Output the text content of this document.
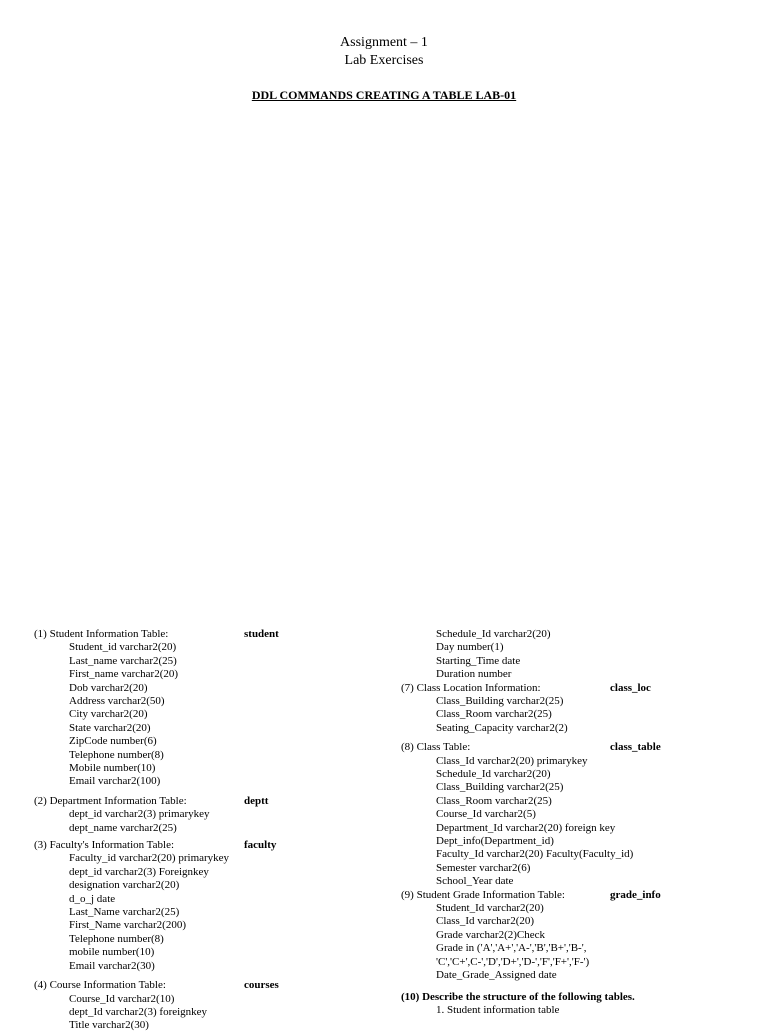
Assignment – 1
Lab Exercises
DDL COMMANDS CREATING A TABLE LAB-01
(1) Student Information Table:	student
Student_id varchar2(20)
Last_name varchar2(25)
First_name varchar2(20)
Dob varchar2(20)
Address varchar2(50)
City varchar2(20)
State varchar2(20)
ZipCode number(6)
Telephone number(8)
Mobile number(10)
Email varchar2(100)
(2) Department Information Table:	deptt
dept_id varchar2(3) primarykey
dept_name varchar2(25)
(3) Faculty's Information Table:	faculty
Faculty_id varchar2(20) primarykey
dept_id varchar2(3) Foreignkey
designation varchar2(20)
d_o_j date
Last_Name varchar2(25)
First_Name varchar2(200)
Telephone number(8)
mobile number(10)
Email varchar2(30)
(4) Course Information Table:	courses
Course_Id varchar2(10)
dept_Id varchar2(3) foreignkey
Title varchar2(30)
Schedule_Id varchar2(20)
Day number(1)
Starting_Time date
Duration number
(7) Class Location Information:	class_loc
Class_Building varchar2(25)
Class_Room varchar2(25)
Seating_Capacity varchar2(2)
(8) Class Table:	class_table
Class_Id varchar2(20) primarykey
Schedule_Id varchar2(20)
Class_Building varchar2(25)
Class_Room varchar2(25)
Course_Id varchar2(5)
Department_Id varchar2(20) foreign key
Dept_info(Department_id)
Faculty_Id varchar2(20) Faculty(Faculty_id)
Semester varchar2(6)
School_Year date
(9) Student Grade Information Table:	grade_info
Student_Id varchar2(20)
Class_Id varchar2(20)
Grade varchar2(2)Check
Grade in ('A','A+','A-','B','B+','B-',
'C','C+',C-','D','D+','D-','F','F+','F-')
Date_Grade_Assigned date
(10) Describe the structure of the following tables.
1. Student information table
